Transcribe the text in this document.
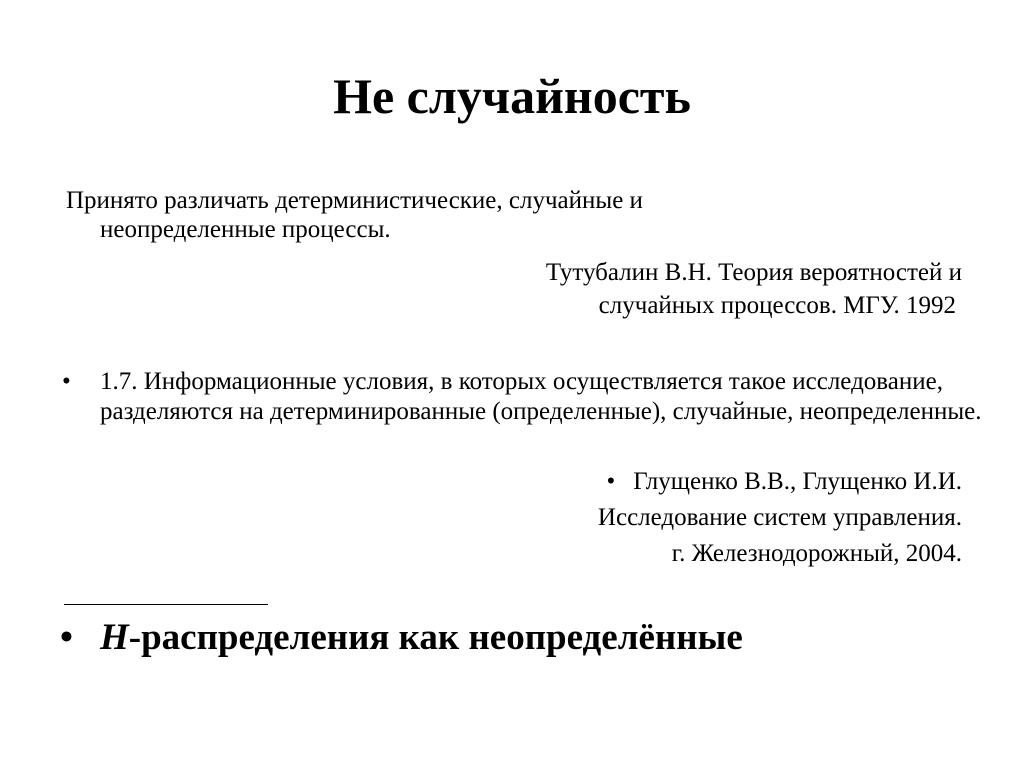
Не случайность

Принято различать детерминистические, случайные и
неопределенные процессы.

Тутубалин В.Н. Теория вероятностей и
случайных процессов. МГУ. 1992

•	1.7. Информационные условия, в которых осуществляется такое исследование, разделяются на детерминированные (определенные), случайные, неопределенные.

• Глущенко В.В., Глущенко И.И.
Исследование систем управления.
г. Железнодорожный, 2004.

• H-распределения как неопределённые
